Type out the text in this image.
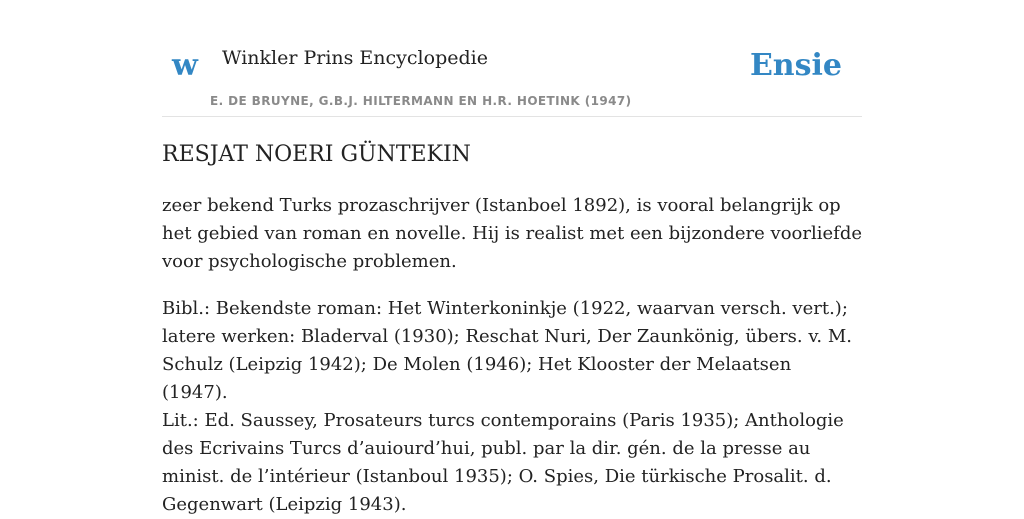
w Winkler Prins Encyclopedie
E. DE BRUYNE, G.B.J. HILTERMANN EN H.R. HOETINK (1947)
Ensie
RESJAT NOERI GÜNTEKIN

zeer bekend Turks prozaschrijver (Istanboel 1892), is vooral belangrijk op het gebied van roman en novelle. Hij is realist met een bijzondere voorliefde voor psychologische problemen.

Bibl.: Bekendste roman: Het Winterkoninkje (1922, waarvan versch. vert.); latere werken: Bladerval (1930); Reschat Nuri, Der Zaunkönig, übers. v. M. Schulz (Leipzig 1942); De Molen (1946); Het Klooster der Melaatsen (1947).

Lit.: Ed. Saussey, Prosateurs turcs contemporains (Paris 1935); Anthologie des Ecrivains Turcs d’auiourd’hui, publ. par la dir. gén. de la presse au minist. de l’intérieur (Istanboul 1935); O. Spies, Die türkische Prosalit. d. Gegenwart (Leipzig 1943).
